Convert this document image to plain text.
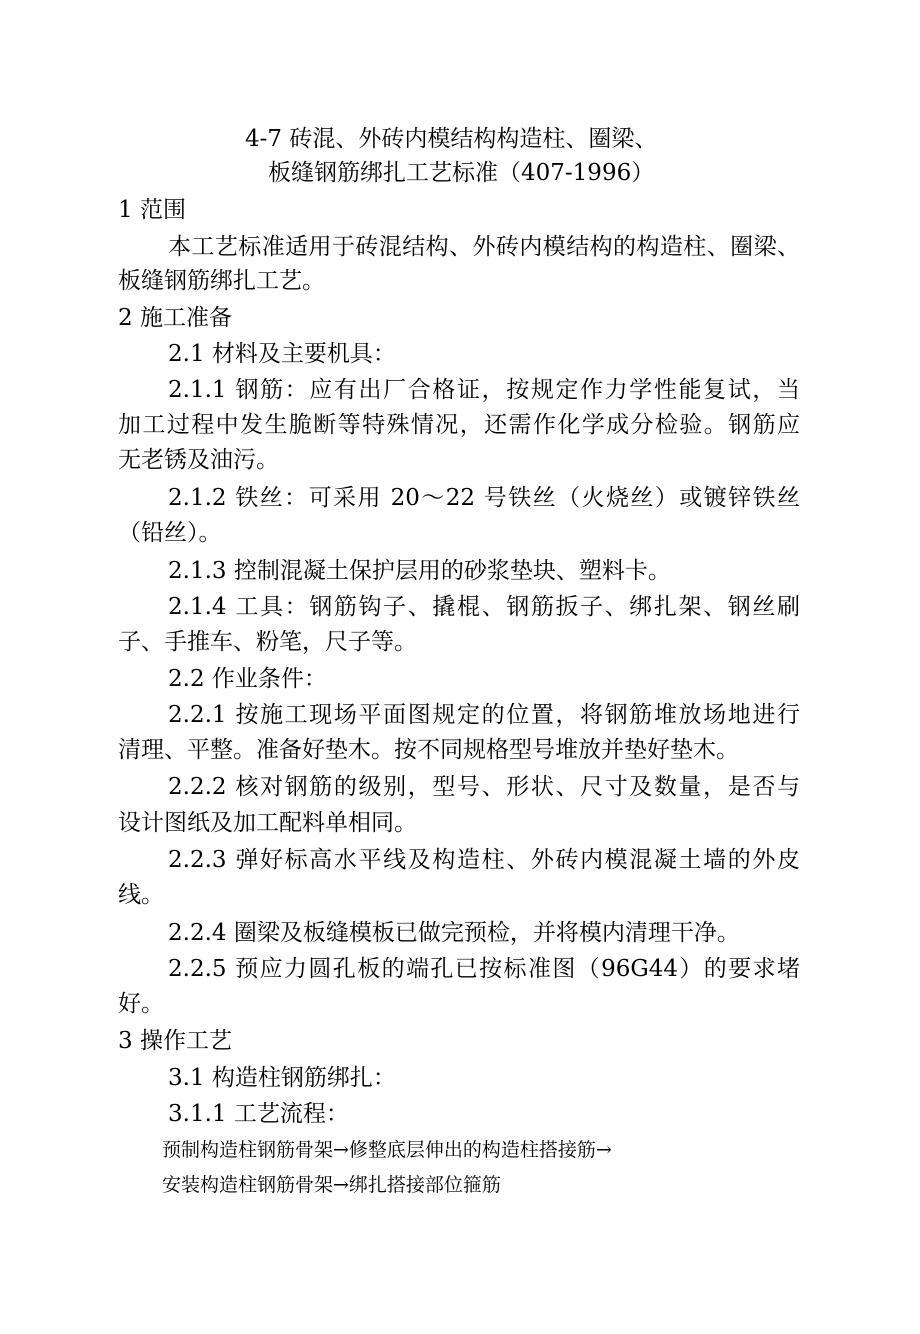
4-7 砖混、外砖内模结构构造柱、圈梁、
板缝钢筋绑扎工艺标准（407-1996）
1 范围
本工艺标准适用于砖混结构、外砖内模结构的构造柱、圈梁、
板缝钢筋绑扎工艺。
2 施工准备
2.1 材料及主要机具：
2.1.1 钢筋：应有出厂合格证，按规定作力学性能复试，当
加工过程中发生脆断等特殊情况，还需作化学成分检验。钢筋应
无老锈及油污。
2.1.2 铁丝：可采用 20～22 号铁丝（火烧丝）或镀锌铁丝
（铅丝）。
2.1.3 控制混凝土保护层用的砂浆垫块、塑料卡。
2.1.4 工具：钢筋钩子、撬棍、钢筋扳子、绑扎架、钢丝刷
子、手推车、粉笔，尺子等。
2.2 作业条件：
2.2.1 按施工现场平面图规定的位置，将钢筋堆放场地进行
清理、平整。准备好垫木。按不同规格型号堆放并垫好垫木。
2.2.2 核对钢筋的级别，型号、形状、尺寸及数量，是否与
设计图纸及加工配料单相同。
2.2.3 弹好标高水平线及构造柱、外砖内模混凝土墙的外皮
线。
2.2.4 圈梁及板缝模板已做完预检，并将模内清理干净。
2.2.5 预应力圆孔板的端孔已按标准图（96G44）的要求堵
好。
3 操作工艺
3.1 构造柱钢筋绑扎：
3.1.1 工艺流程：
预制构造柱钢筋骨架→修整底层伸出的构造柱搭接筋→
安装构造柱钢筋骨架→绑扎搭接部位箍筋
